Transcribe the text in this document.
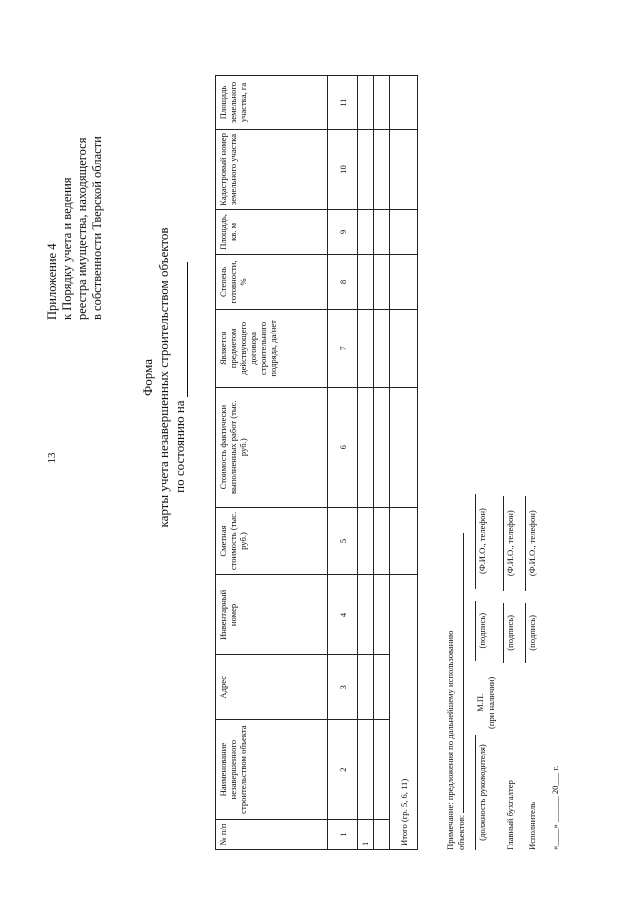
13
Приложение 4 к Порядку учета и ведения реестра имущества, находящегося в собственности Тверской области
Форма карты учета незавершенных строительством объектов по состоянию на
№ п/п	Наименование незавершенного строительством объекта	Адрес	Инвентарный номер	Сметная стоимость (тыс. руб.)	Стоимость фактически выполненных работ (тыс. руб.)	Является предметом действующего договора строительного подряда, да/нет	Степень готовности, %	Площадь, кв. м	Кадастровый номер земельного участка	Площадь земельного участка, га
1	2	3	4	5	6	7	8	9	10	11
1										

Итого (гр. 5, 6, 11)											Примечание: предложения по дальнейшему использованию объектов: (должность руководителя) М.П.
(при наличии) (подпись) (Ф.И.О., телефон)
Главный бухгалтер (подпись) (Ф.И.О., телефон)
Исполнитель (подпись) (Ф.И.О., телефон)
«____» ______ 20___ г.
